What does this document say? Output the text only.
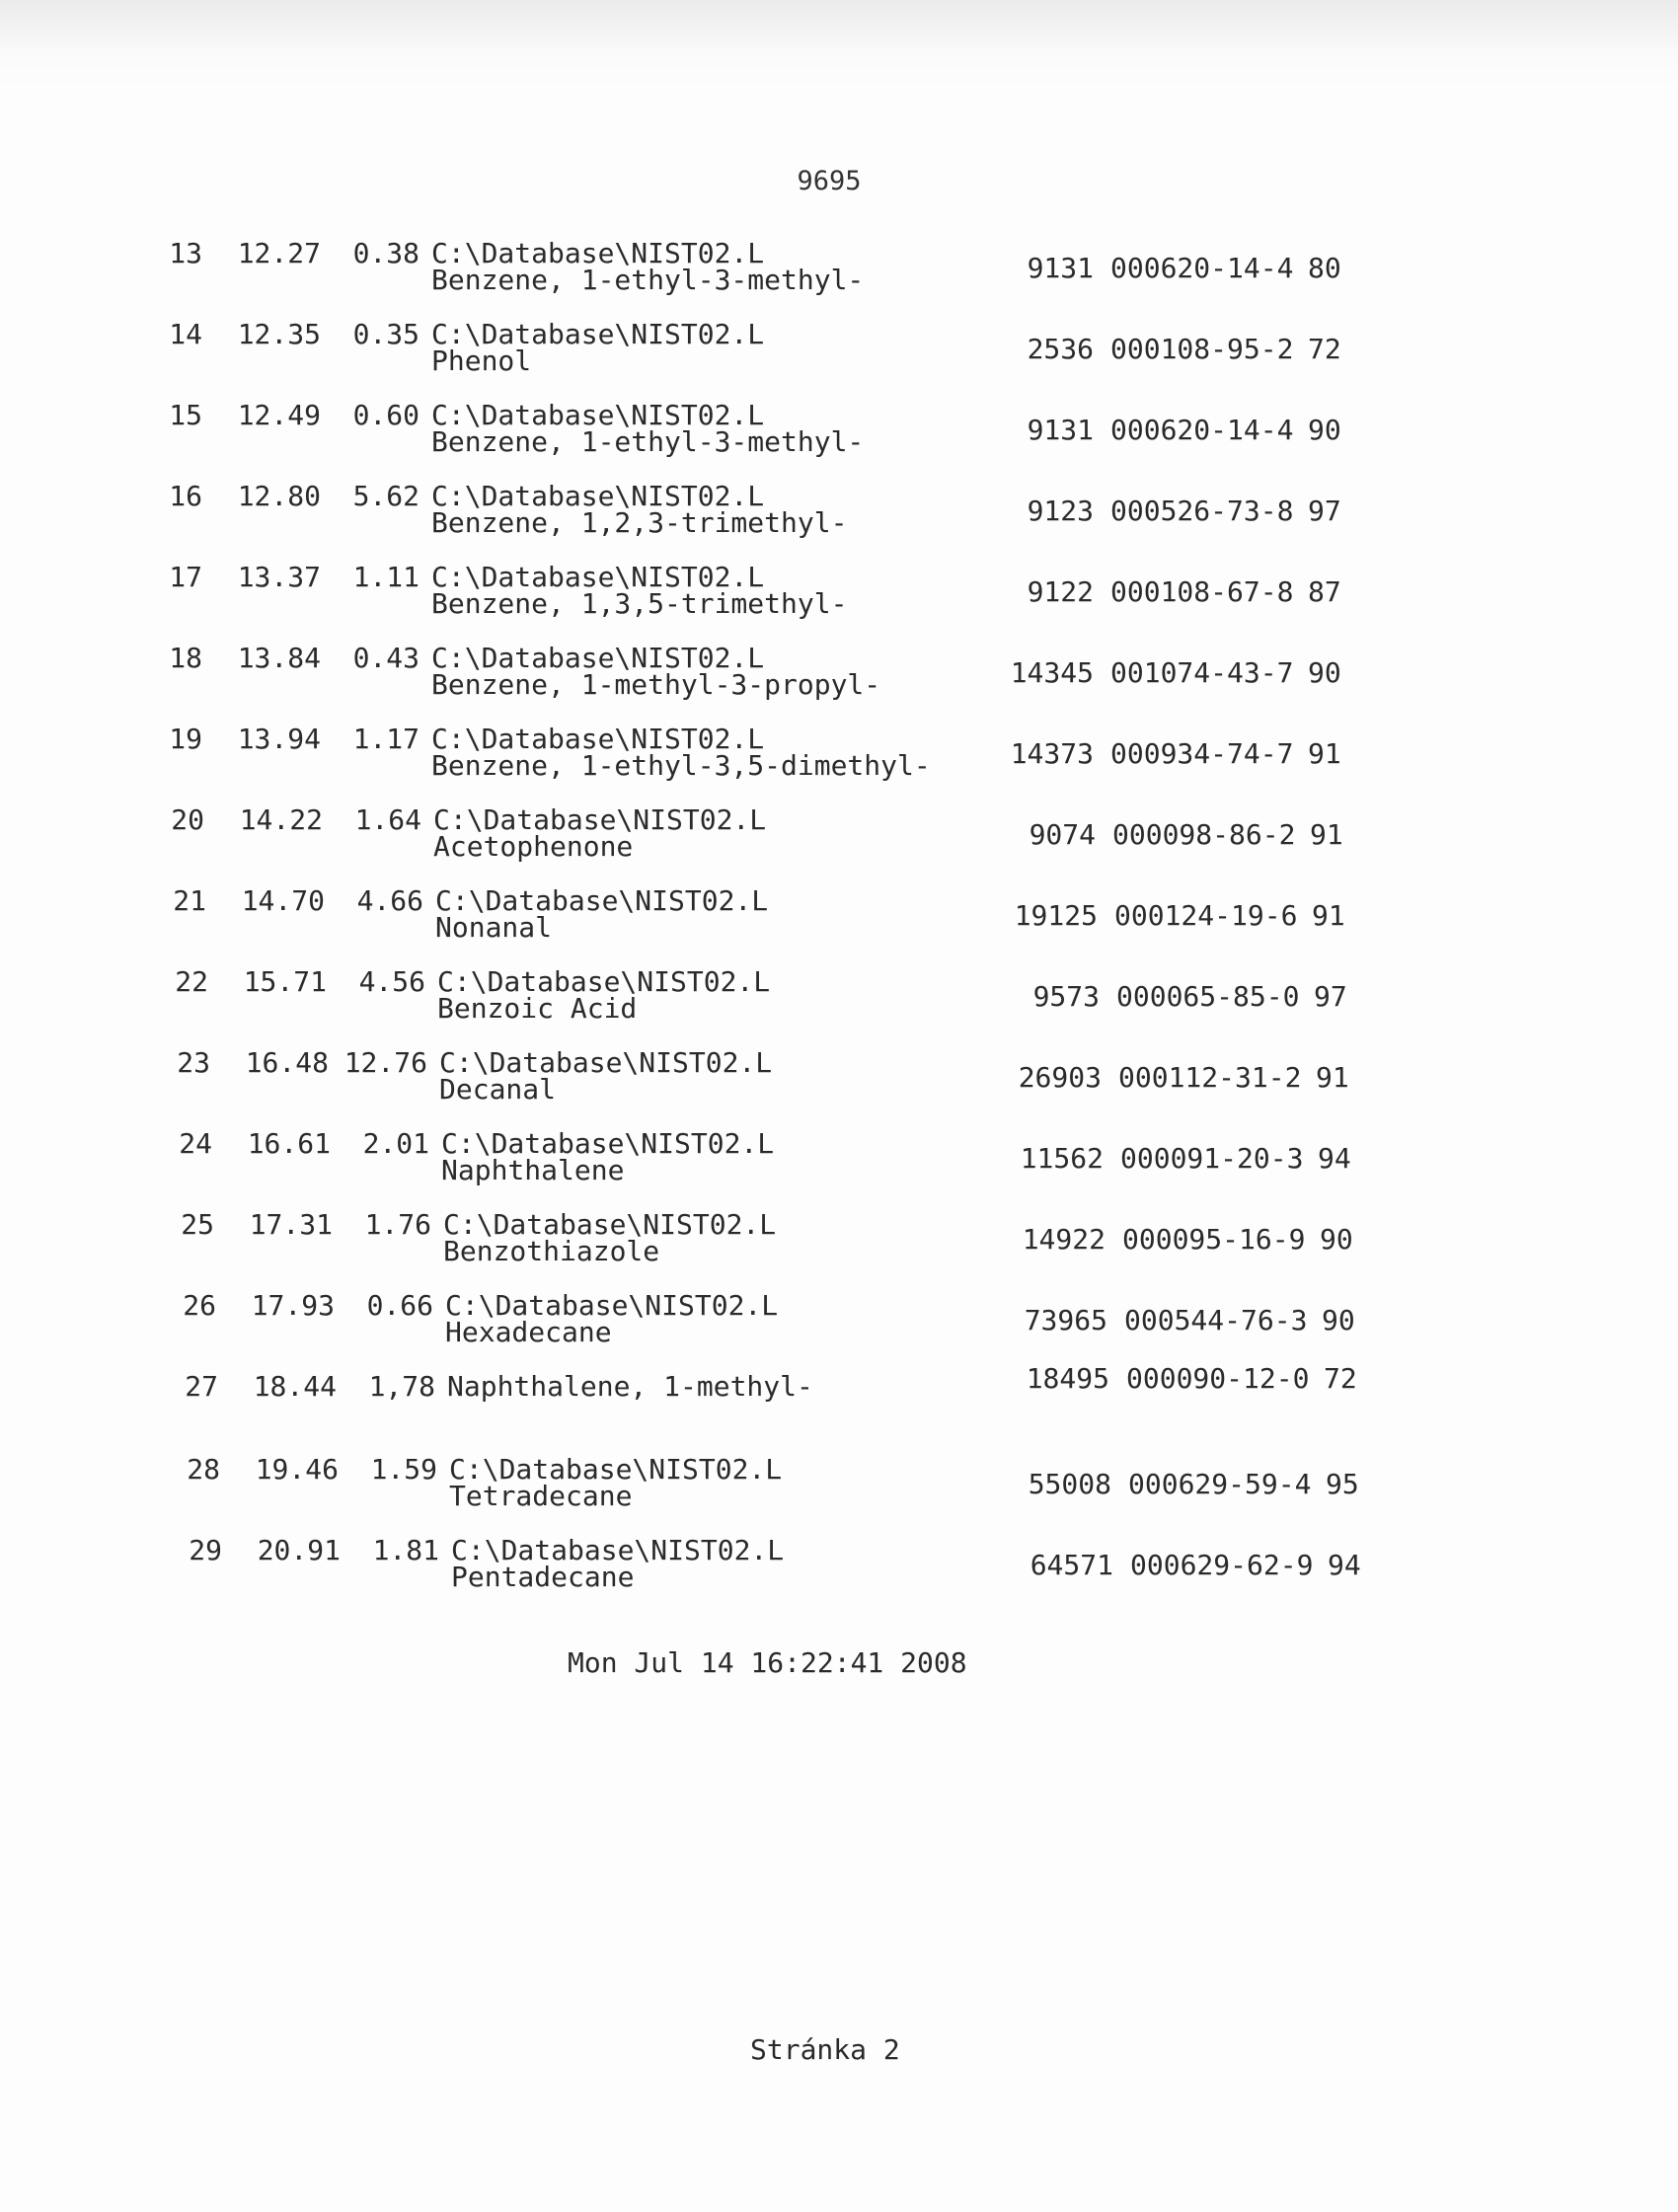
9695
13	12.27	0.38 C:\Database\NIST02.L
Benzene, 1-ethyl-3-methyl-	9131 000620-14-4 80
14	12.35	0.35 C:\Database\NIST02.L
Phenol	2536 000108-95-2 72
15	12.49	0.60 C:\Database\NIST02.L
Benzene, 1-ethyl-3-methyl-	9131 000620-14-4 90
16	12.80	5.62 C:\Database\NIST02.L
Benzene, 1,2,3-trimethyl-	9123 000526-73-8 97
17	13.37	1.11 C:\Database\NIST02.L
Benzene, 1,3,5-trimethyl-	9122 000108-67-8 87
18	13.84	0.43 C:\Database\NIST02.L
Benzene, 1-methyl-3-propyl-	14345 001074-43-7 90
19	13.94	1.17 C:\Database\NIST02.L
Benzene, 1-ethyl-3,5-dimethyl-	14373 000934-74-7 91
20	14.22	1.64 C:\Database\NIST02.L
Acetophenone	9074 000098-86-2 91
21	14.70	4.66 C:\Database\NIST02.L
Nonanal	19125 000124-19-6 91
22	15.71	4.56 C:\Database\NIST02.L
Benzoic Acid	9573 000065-85-0 97
23	16.48 12.76 C:\Database\NIST02.L
Decanal	26903 000112-31-2 91
24	16.61	2.01 C:\Database\NIST02.L
Naphthalene	11562 000091-20-3 94
25	17.31	1.76 C:\Database\NIST02.L
Benzothiazole	14922 000095-16-9 90
26	17.93	0.66 C:\Database\NIST02.L
Hexadecane	73965 000544-76-3 90
27	18.44	1,78 Naphthalene, 1-methyl-	18495 000090-12-0 72
28	19.46	1.59 C:\Database\NIST02.L
Tetradecane	55008 000629-59-4 95
29	20.91	1.81 C:\Database\NIST02.L
Pentadecane	64571 000629-62-9 94
Mon Jul 14 16:22:41 2008
Stránka 2
